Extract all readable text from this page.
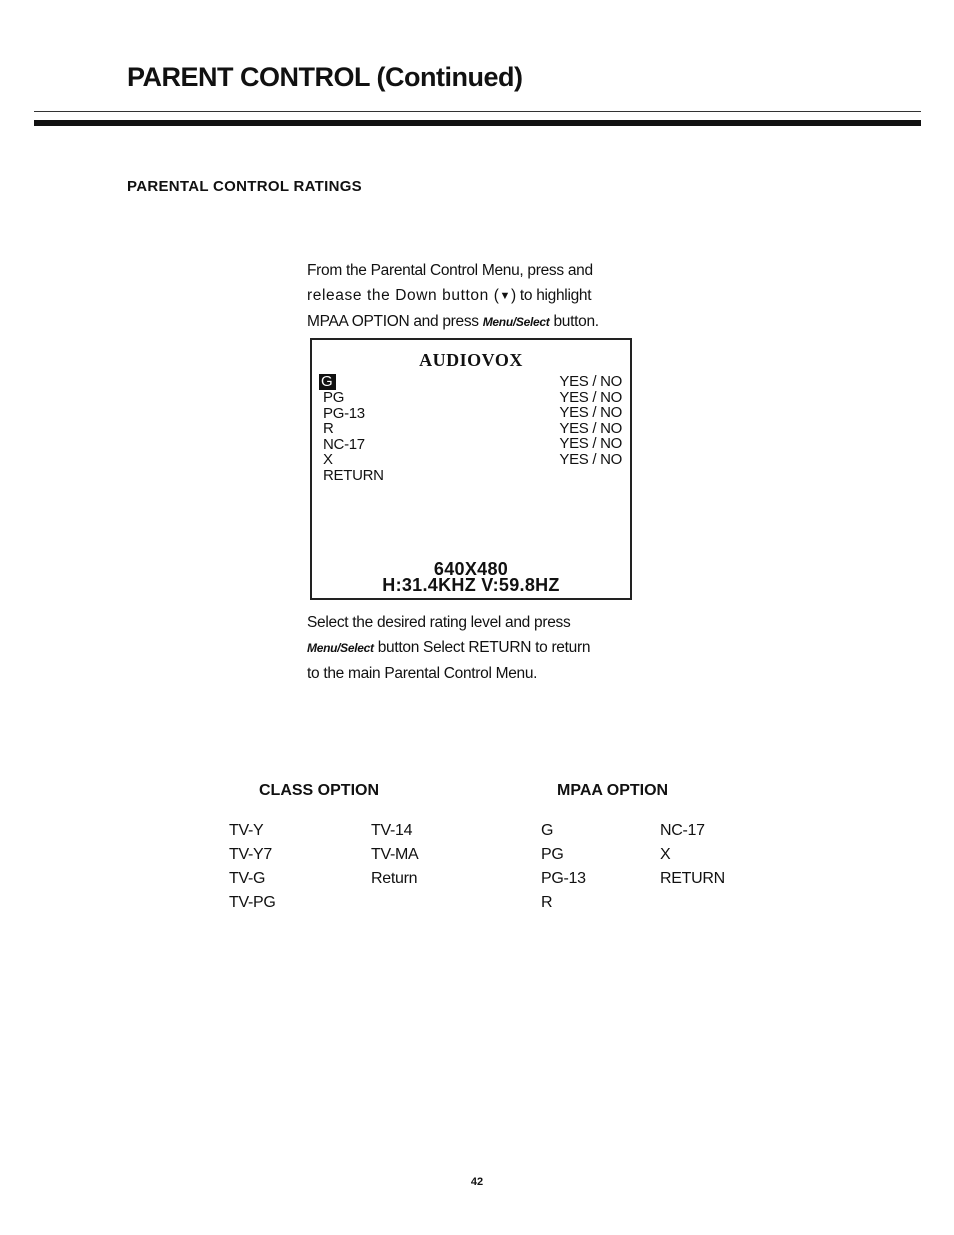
PARENT CONTROL (Continued)
PARENTAL CONTROL RATINGS
From the Parental Control Menu, press and
release the Down button (▼) to highlight
MPAA OPTION and press Menu/Select button.
AUDIOVOX
G
PG
PG-13
R
NC-17
X
RETURN
YES / NO
YES / NO
YES / NO
YES / NO
YES / NO
YES / NO
640X480
H:31.4KHZ V:59.8HZ
Select the desired rating level and press
Menu/Select button Select RETURN to return
to the main Parental Control Menu.
CLASS OPTION	MPAA OPTION
TV-Y
TV-Y7
TV-G
TV-PG
TV-14
TV-MA
Return
G
PG
PG-13
R
NC-17
X
RETURN
42
